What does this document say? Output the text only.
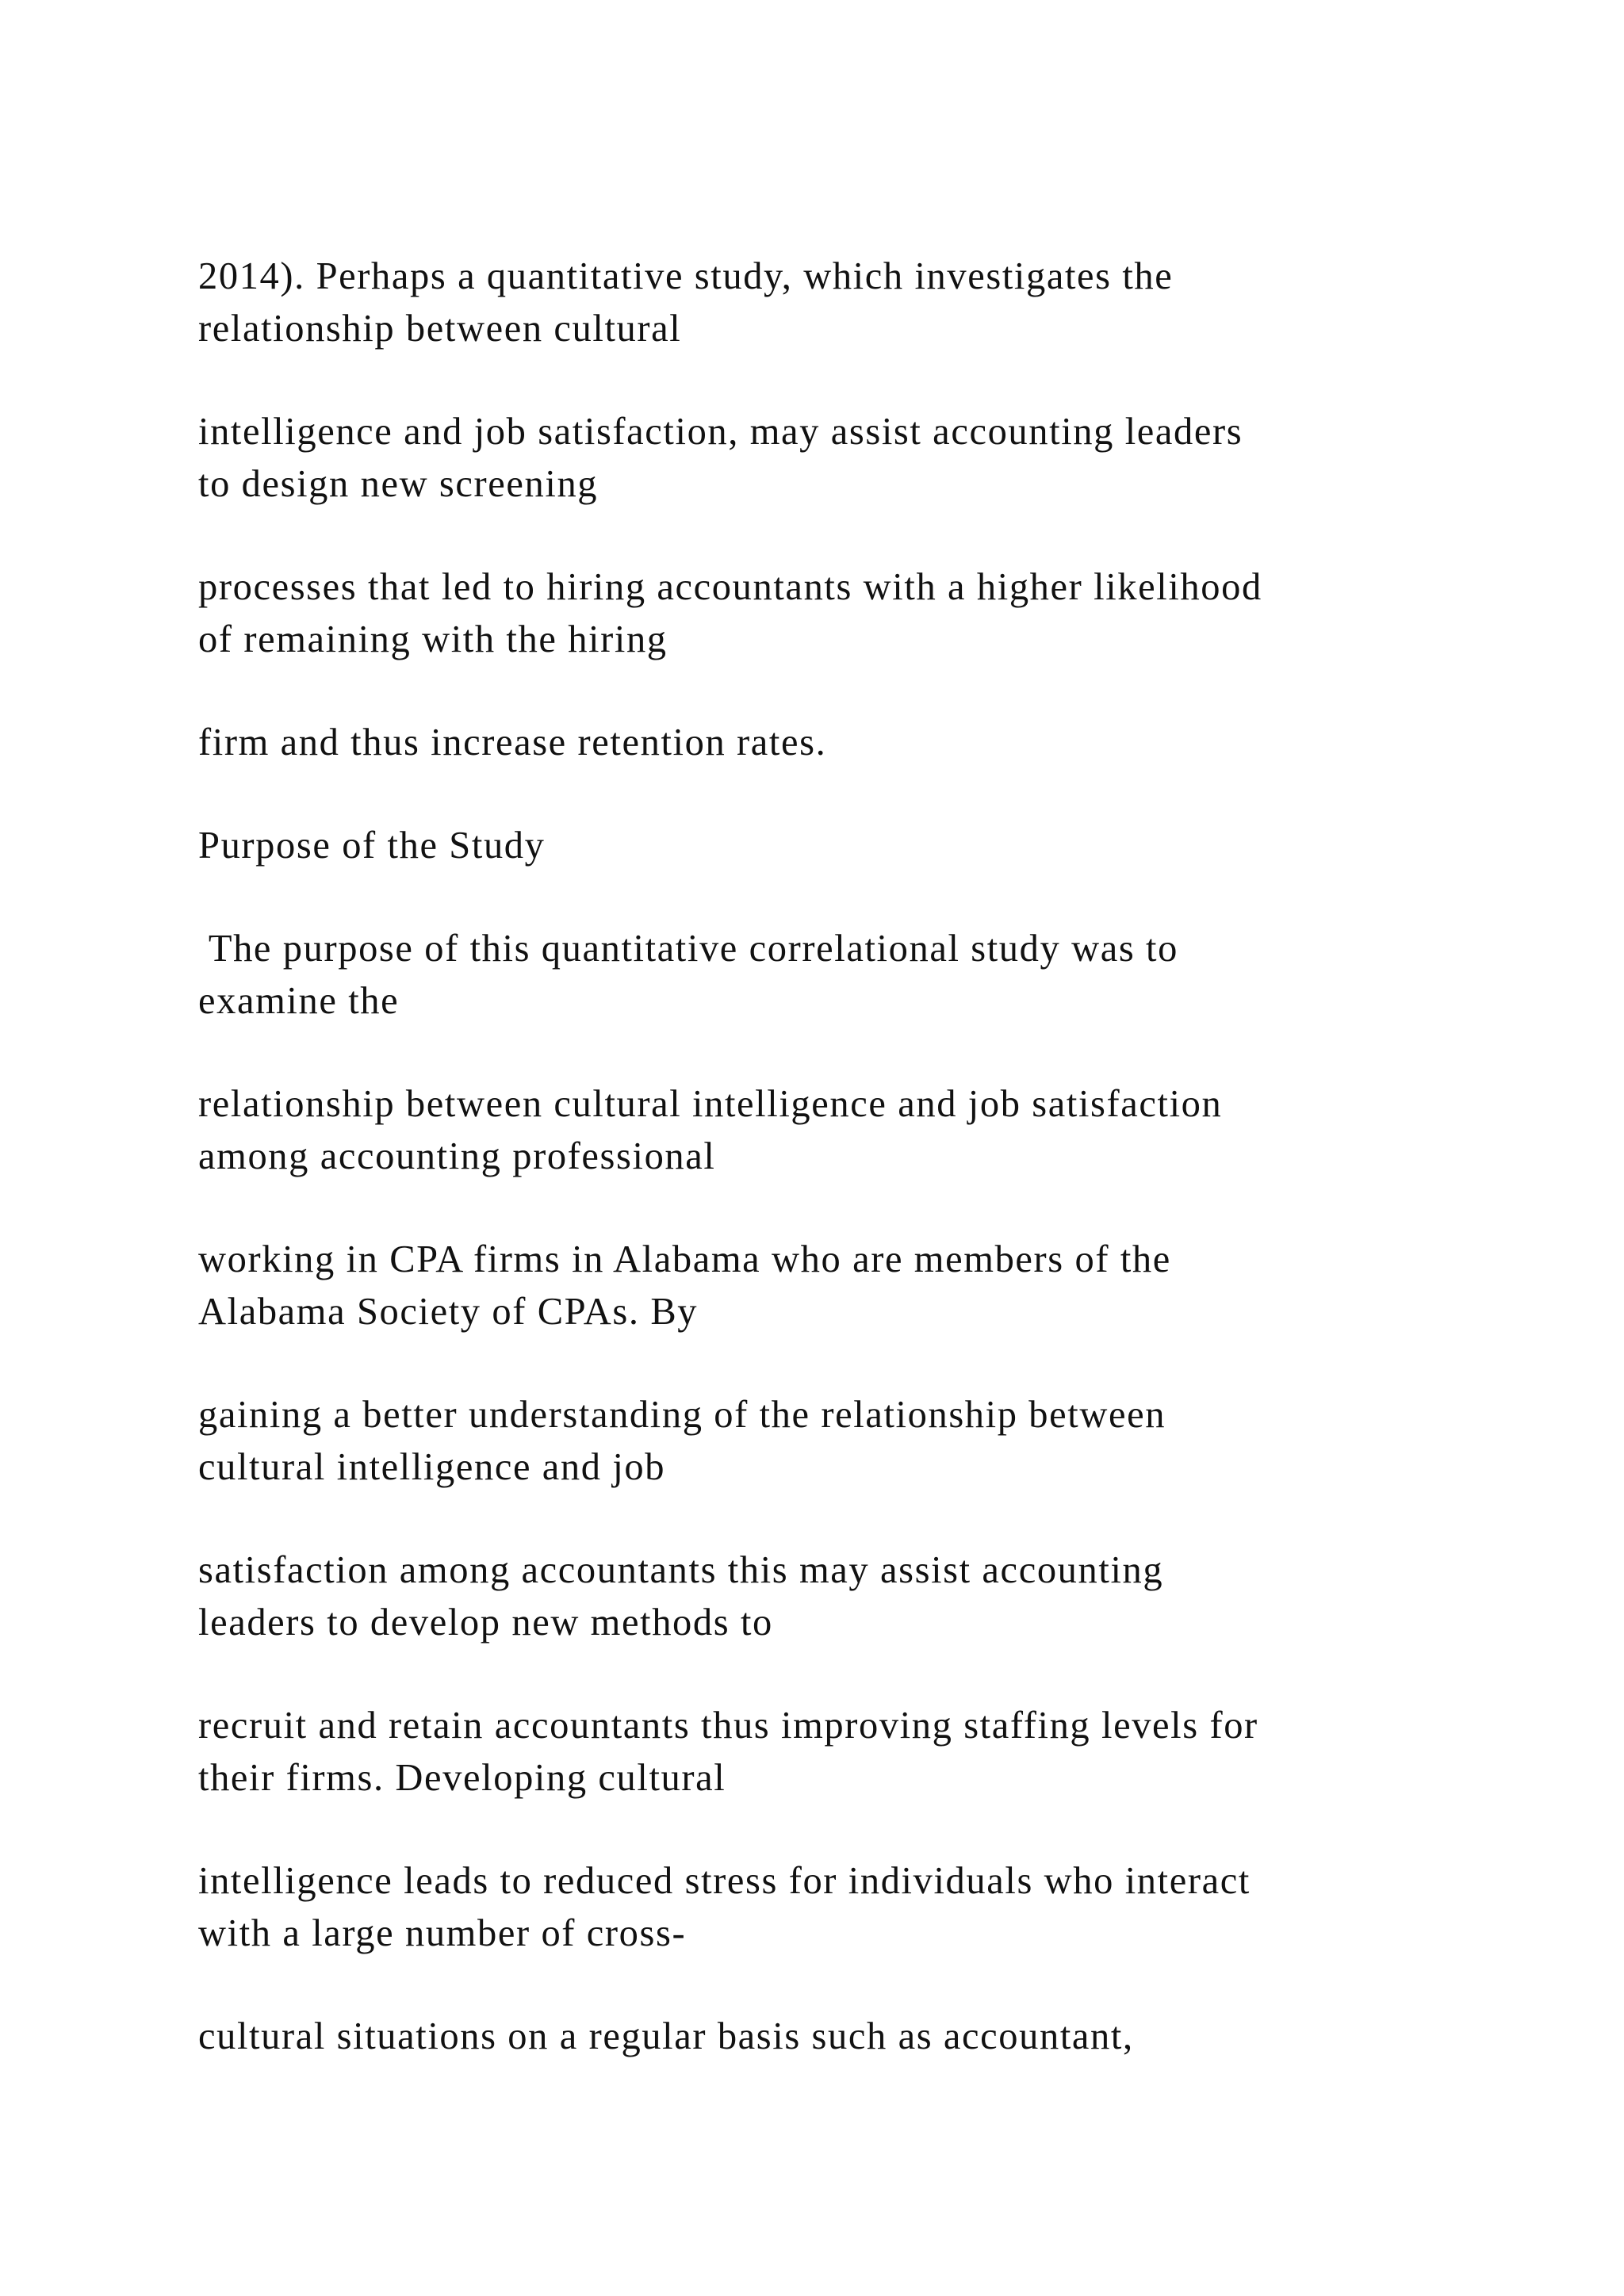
2014). Perhaps a quantitative study, which investigates the
relationship between cultural

intelligence and job satisfaction, may assist accounting leaders
to design new screening

processes that led to hiring accountants with a higher likelihood
of remaining with the hiring

firm and thus increase retention rates.

Purpose of the Study

The purpose of this quantitative correlational study was to
examine the

relationship between cultural intelligence and job satisfaction
among accounting professional

working in CPA firms in Alabama who are members of the
Alabama Society of CPAs. By

gaining a better understanding of the relationship between
cultural intelligence and job

satisfaction among accountants this may assist accounting
leaders to develop new methods to

recruit and retain accountants thus improving staffing levels for
their firms. Developing cultural

intelligence leads to reduced stress for individuals who interact
with a large number of cross-

cultural situations on a regular basis such as accountant,
